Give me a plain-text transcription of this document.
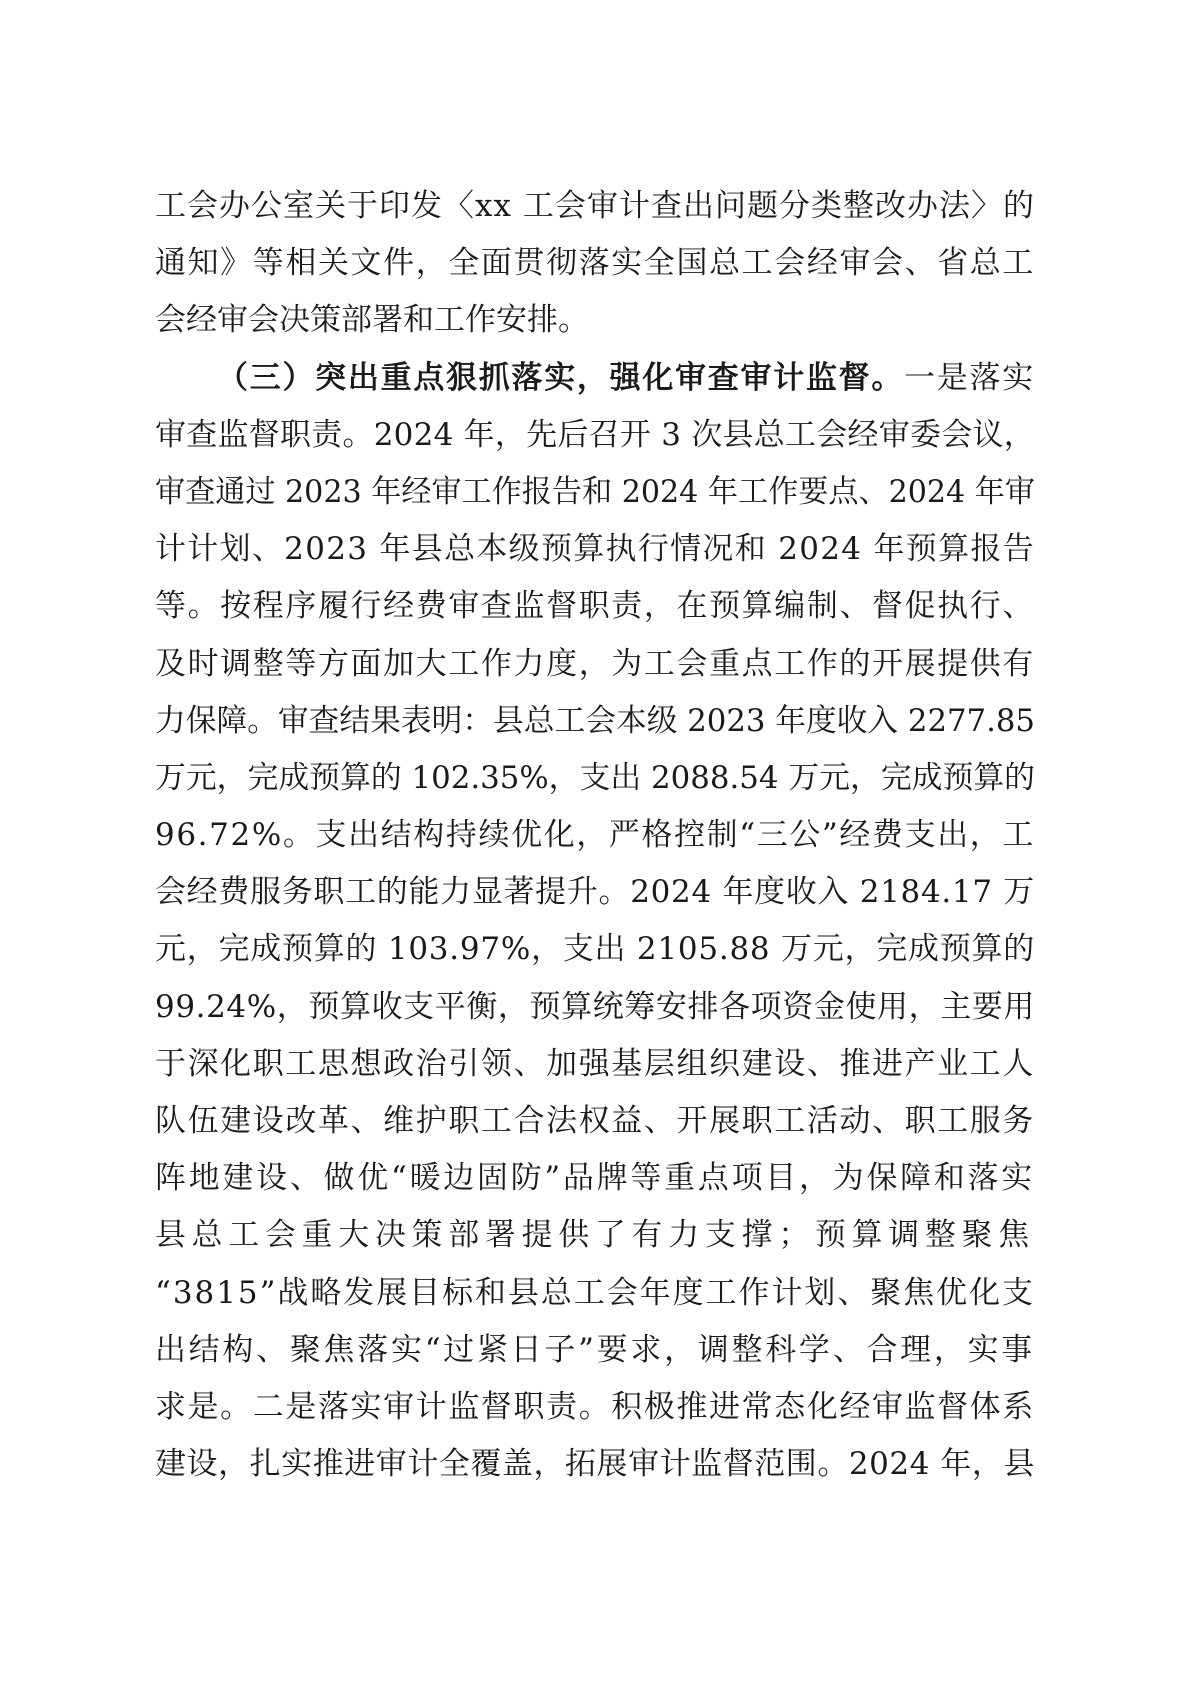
工会办公室关于印发〈xx 工会审计查出问题分类整改办法〉的
通知》等相关文件，全面贯彻落实全国总工会经审会、省总工
会经审会决策部署和工作安排。
（三）突出重点狠抓落实，强化审查审计监督。一是落实
审查监督职责。2024 年，先后召开 3 次县总工会经审委会议，
审查通过 2023 年经审工作报告和 2024 年工作要点、2024 年审
计计划、2023 年县总本级预算执行情况和 2024 年预算报告
等。按程序履行经费审查监督职责，在预算编制、督促执行、
及时调整等方面加大工作力度，为工会重点工作的开展提供有
力保障。审查结果表明：县总工会本级 2023 年度收入 2277.85
万元，完成预算的 102.35%，支出 2088.54 万元，完成预算的
96.72%。支出结构持续优化，严格控制“三公”经费支出，工
会经费服务职工的能力显著提升。2024 年度收入 2184.17 万
元，完成预算的 103.97%，支出 2105.88 万元，完成预算的
99.24%，预算收支平衡，预算统筹安排各项资金使用，主要用
于深化职工思想政治引领、加强基层组织建设、推进产业工人
队伍建设改革、维护职工合法权益、开展职工活动、职工服务
阵地建设、做优“暖边固防”品牌等重点项目，为保障和落实
县总工会重大决策部署提供了有力支撑；预算调整聚焦
“3815”战略发展目标和县总工会年度工作计划、聚焦优化支
出结构、聚焦落实“过紧日子”要求，调整科学、合理，实事
求是。二是落实审计监督职责。积极推进常态化经审监督体系
建设，扎实推进审计全覆盖，拓展审计监督范围。2024 年，县
